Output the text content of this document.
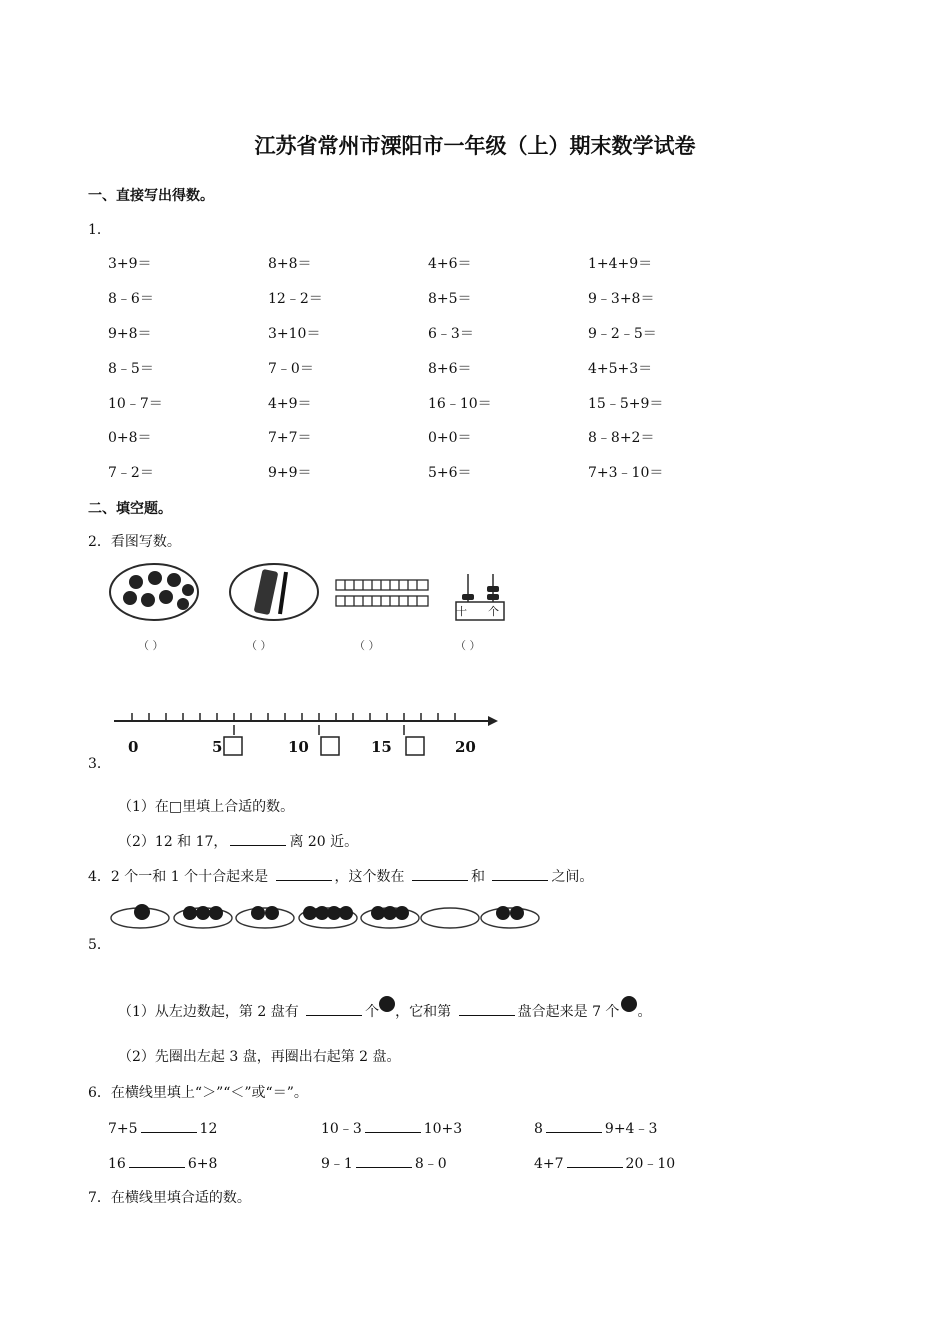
江苏省常州市溧阳市一年级（上）期末数学试卷
一、直接写出得数。
1．
3+9＝	8+8＝	4+6＝	1+4+9＝
8﹣6＝	12﹣2＝	8+5＝	9﹣3+8＝
9+8＝	3+10＝	6﹣3＝	9﹣2﹣5＝
8﹣5＝	7﹣0＝	8+6＝	4+5+3＝
10﹣7＝	4+9＝	16﹣10＝	15﹣5+9＝
0+8＝	7+7＝	0+0＝	8﹣8+2＝
7﹣2＝	9+9＝	5+6＝	7+3﹣10＝
二、填空题。
2．看图写数。
十 个
（ ）	（ ）	（ ）	（ ）
0	5	10	15	20
3．
（1）在□里填上合适的数。
（2）12 和 17，	离 20 近。
4．2 个一和 1 个十合起来是	，这个数在	和	之间。
5．
（1）从左边数起，第 2 盘有	个 ，它和第	盘合起来是 7 个 。
（2）先圈出左起 3 盘，再圈出右起第 2 盘。
6．在横线里填上“＞”“＜”或“＝”。
7+5	12	10﹣3	10+3	8	9+4﹣3
16	6+8	9﹣1	8﹣0	4+7	20﹣10
7．在横线里填合适的数。
